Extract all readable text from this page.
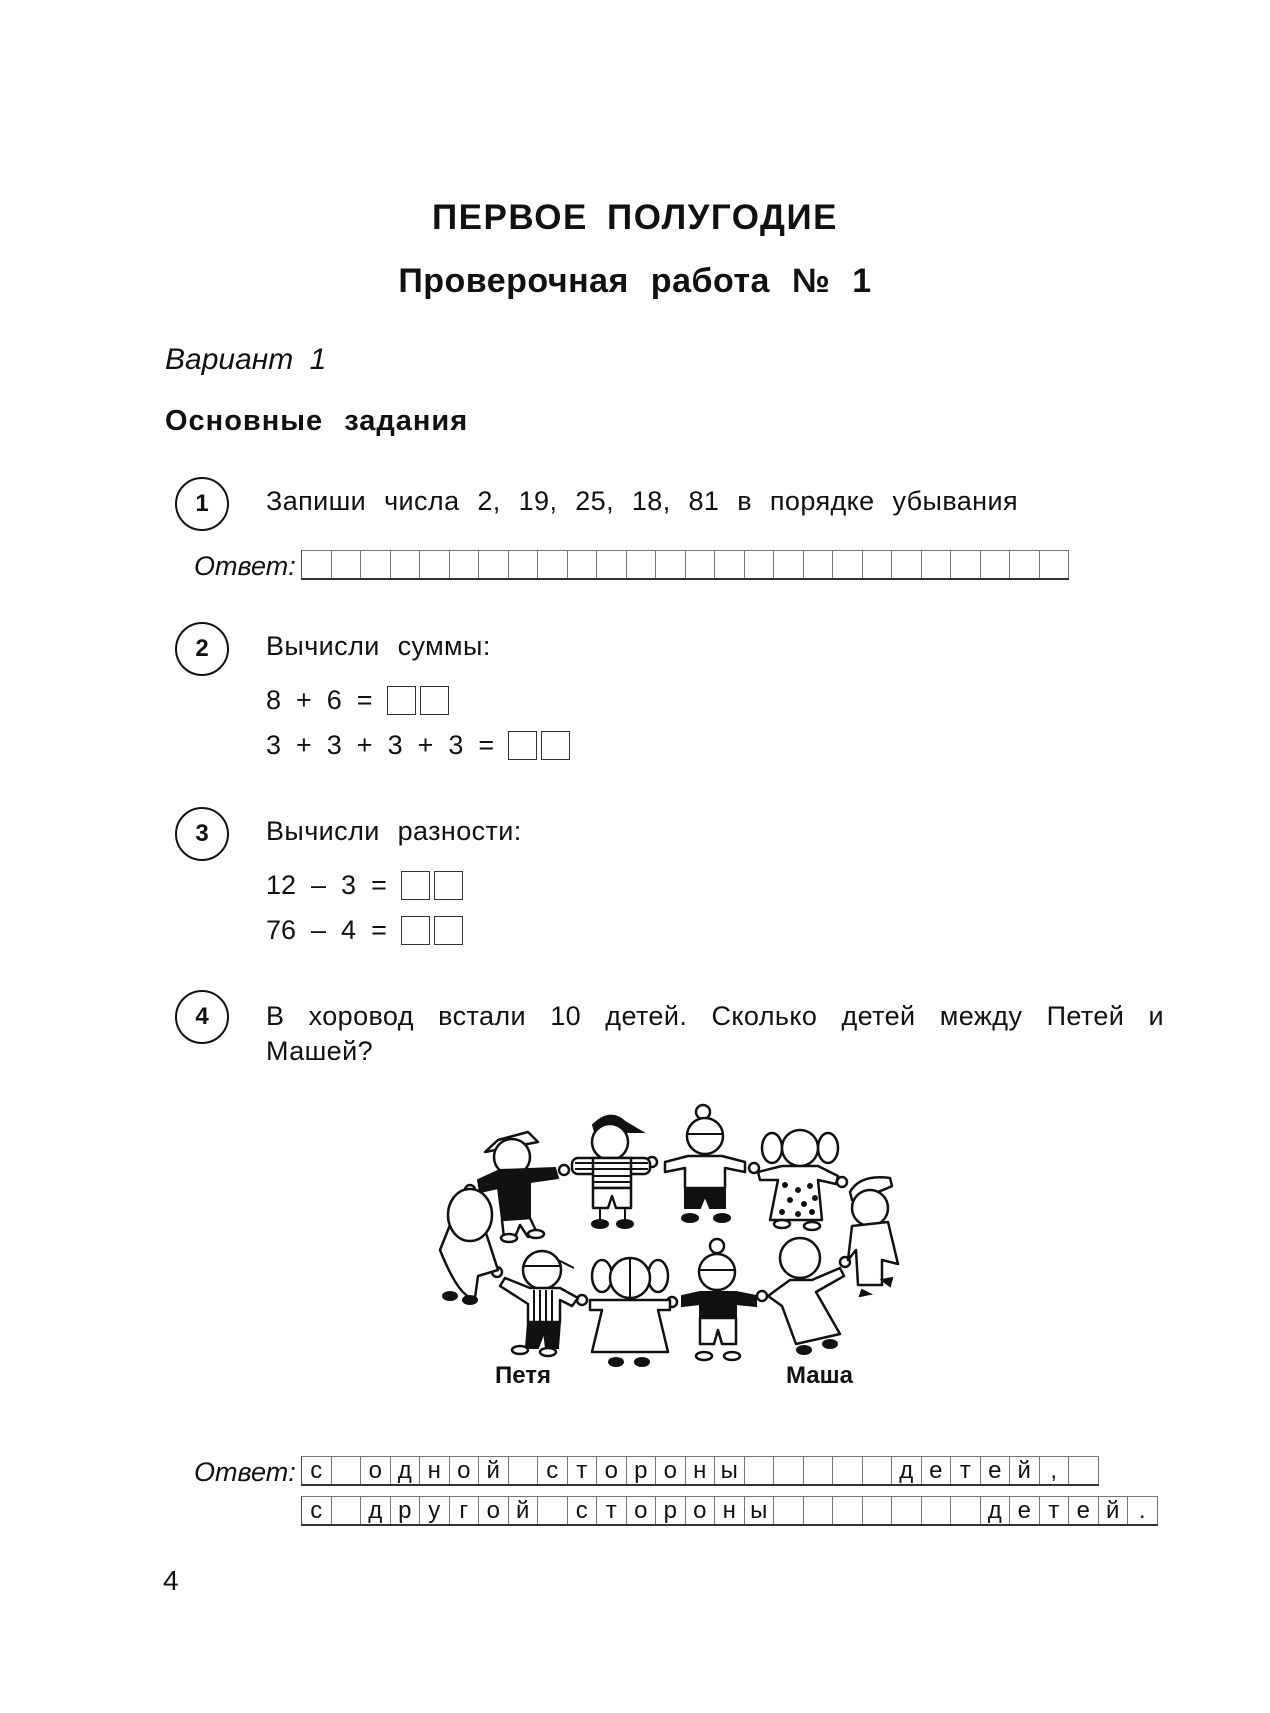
ПЕРВОЕ ПОЛУГОДИЕ
Проверочная работа № 1
Вариант 1
Основные задания
1 Запиши числа 2, 19, 25, 18, 81 в порядке убывания
Ответ:
2 Вычисли суммы:
8  +  6  =
3  +  3  +  3  +  3  =
3 Вычисли разности:
12  –  3  =
76  –  4  =
4 В хоровод встали 10 детей. Сколько детей между Петей и Машей?
Петя	Маша
Ответ: с	о д н о й	с т о р о н ы	д е т е й ,
с	д р у г о й	с т о р о н ы	д е т е й .
4
